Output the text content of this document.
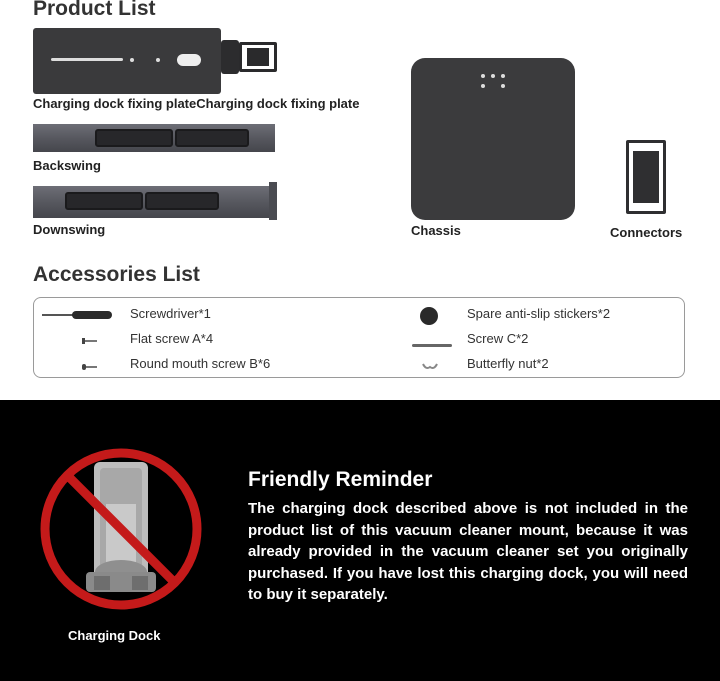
Product List
Charging dock fixing plateCharging dock fixing plate
Backswing
Downswing	Chassis	Connectors
Accessories List
Screwdriver*1
Flat screw A*4
Round mouth screw B*6
Spare anti-slip stickers*2
Screw C*2
Butterfly nut*2
Charging Dock
Friendly Reminder
The charging dock described above is not included in the product list of this vacuum cleaner mount, because it was already provided in the vacuum cleaner set you originally purchased. If you have lost this charging dock, you will need to buy it separately.
